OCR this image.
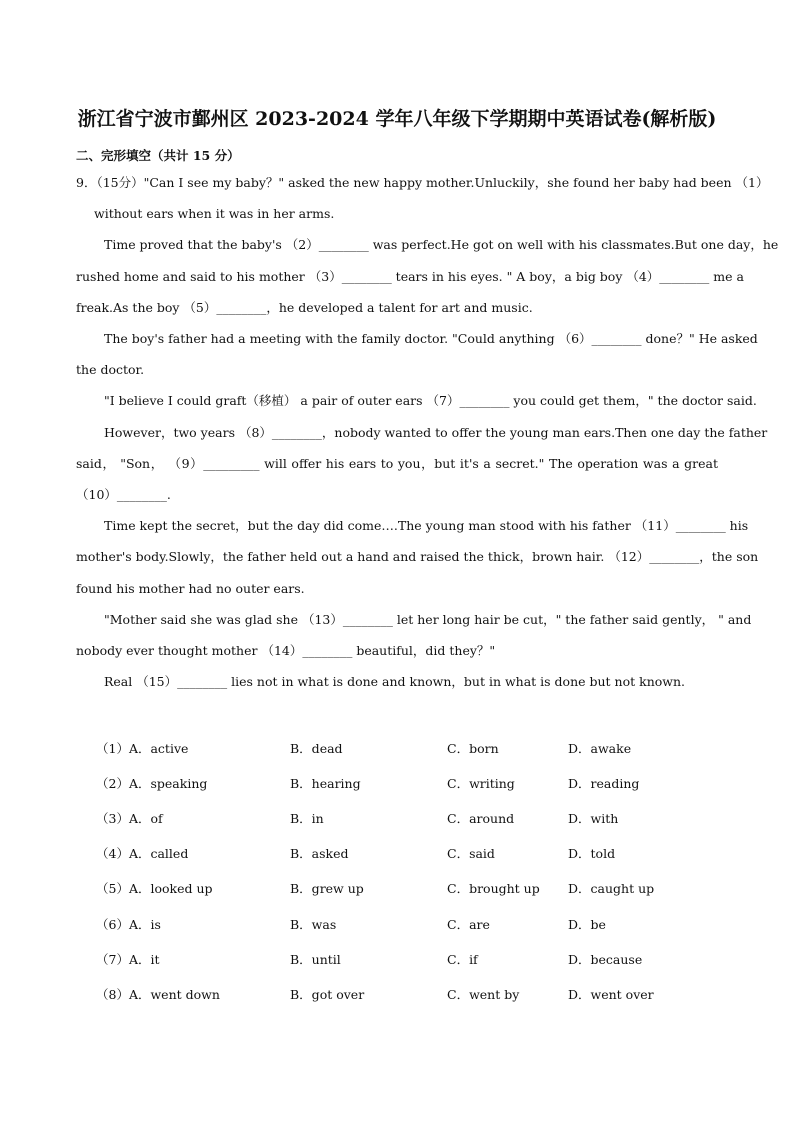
浙江省宁波市鄞州区 2023-2024 学年八年级下学期期中英语试卷(解析版)
二、完形填空（共计 15 分）
9．（15分）"Can I see my baby？" asked the new happy mother.Unluckily，she found her baby had been （1）
without ears when it was in her arms.
Time proved that the baby's （2）________ was perfect.He got on well with his classmates.But one day，he
rushed home and said to his mother （3）________ tears in his eyes. " A boy，a big boy （4）________ me a
freak.As the boy （5）________，he developed a talent for art and music.
The boy's father had a meeting with the family doctor. "Could anything （6）________ done？" He asked
the doctor.
"I believe I could graft（移植） a pair of outer ears （7）________ you could get them，" the doctor said.
However，two years （8）________，nobody wanted to offer the young man ears.Then one day the father
said， "Son， （9）_________ will offer his ears to you，but it's a secret." The operation was a great
（10）________.
Time kept the secret，but the day did come….The young man stood with his father （11）________ his
mother's body.Slowly，the father held out a hand and raised the thick，brown hair. （12）________，the son
found his mother had no outer ears.
"Mother said she was glad she （13）________ let her long hair be cut，" the father said gently， " and
nobody ever thought mother （14）________ beautiful，did they？"
Real （15）________ lies not in what is done and known，but in what is done but not known.
（1）A．active	B．dead	C．born	D．awake
（2）A．speaking	B．hearing	C．writing	D．reading
（3）A．of	B．in	C．around	D．with
（4）A．called	B．asked	C．said	D．told
（5）A．looked up	B．grew up	C．brought up D．caught up
（6）A．is	B．was	C．are	D．be
（7）A．it	B．until	C．if	D．because
（8）A．went down	B．got over	C．went by	D．went over
